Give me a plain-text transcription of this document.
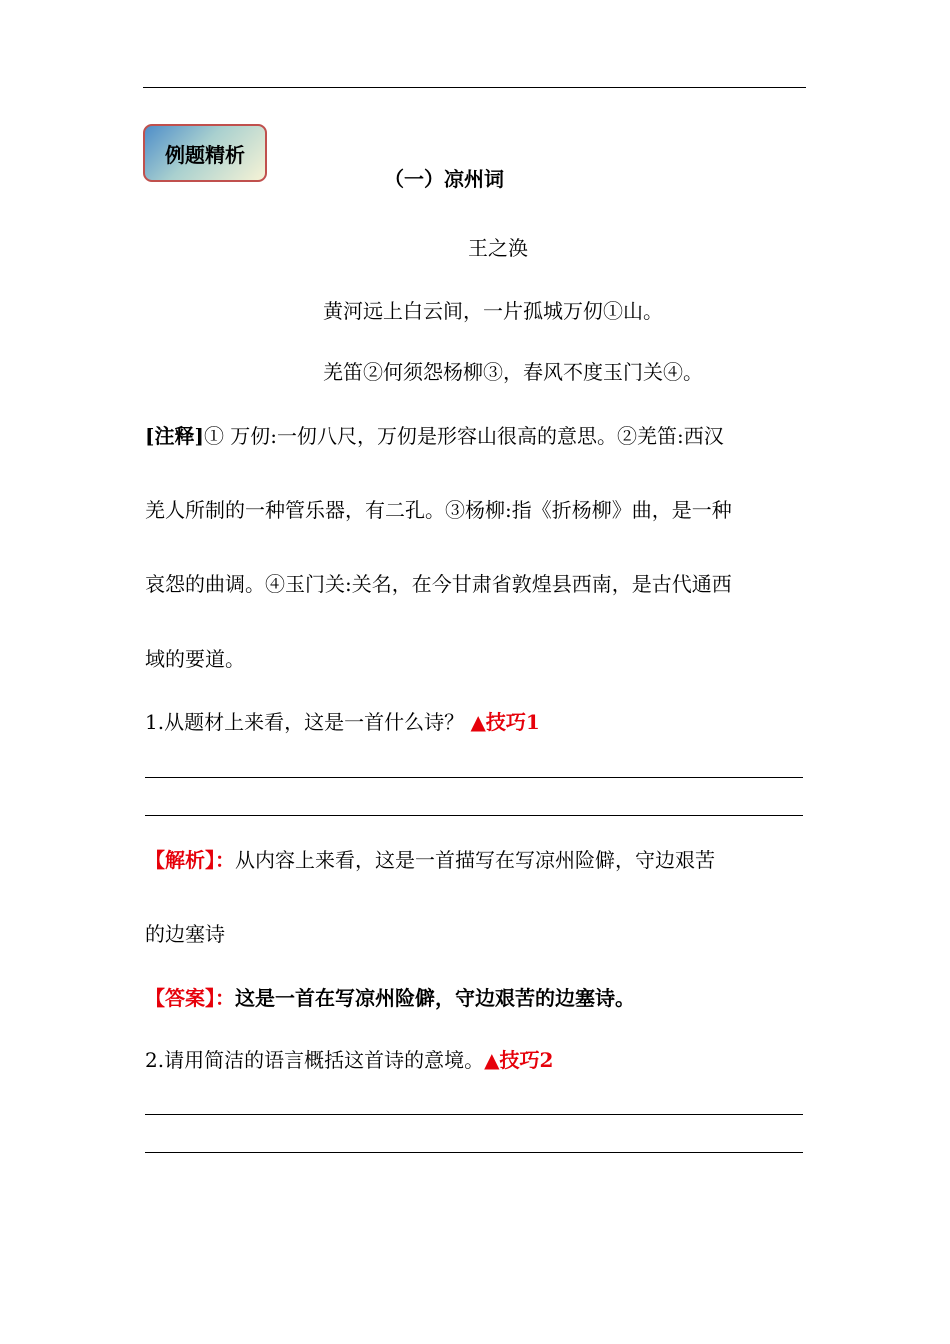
例题精析
（一）凉州词
王之涣
黄河远上白云间，一片孤城万仞①山。
羌笛②何须怨杨柳③，春风不度玉门关④。
[注释]① 万仞:一仞八尺，万仞是形容山很高的意思。②羌笛:西汉
羌人所制的一种管乐器，有二孔。③杨柳:指《折杨柳》曲，是一种
哀怨的曲调。④玉门关:关名，在今甘肃省敦煌县西南，是古代通西
域的要道。
1.从题材上来看，这是一首什么诗？ ▲技巧1
【解析】：从内容上来看，这是一首描写在写凉州险僻，守边艰苦
的边塞诗
【答案】：这是一首在写凉州险僻，守边艰苦的边塞诗。
2.请用简洁的语言概括这首诗的意境。▲技巧2
